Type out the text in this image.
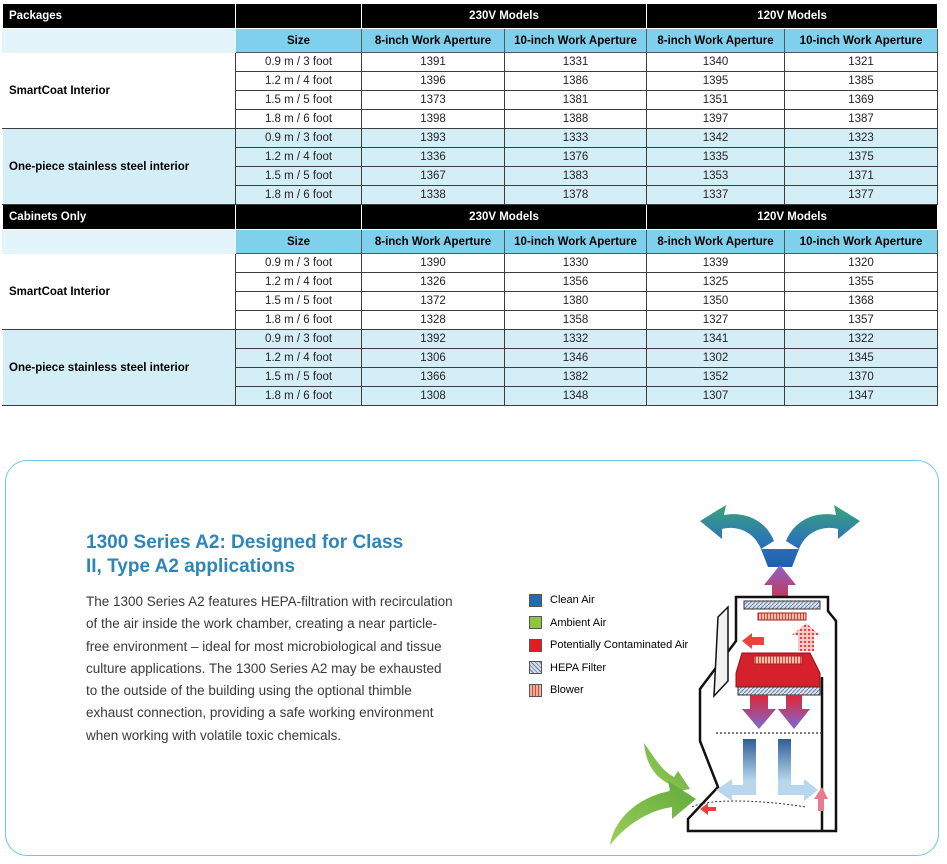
Packages		230V Models		120V Models	
	Size	8-inch Work Aperture	10-inch Work Aperture	8-inch Work Aperture	10-inch Work Aperture
SmartCoat Interior	0.9 m / 3 foot	1391	1331	1340	1321
	1.2 m / 4 foot	1396	1386	1395	1385
	1.5 m / 5 foot	1373	1381	1351	1369
	1.8 m / 6 foot	1398	1388	1397	1387
One-piece stainless steel interior	0.9 m / 3 foot	1393	1333	1342	1323
	1.2 m / 4 foot	1336	1376	1335	1375
	1.5 m / 5 foot	1367	1383	1353	1371
	1.8 m / 6 foot	1338	1378	1337	1377
Cabinets Only		230V Models		120V Models	
	Size	8-inch Work Aperture	10-inch Work Aperture	8-inch Work Aperture	10-inch Work Aperture
SmartCoat Interior	0.9 m / 3 foot	1390	1330	1339	1320
	1.2 m / 4 foot	1326	1356	1325	1355
	1.5 m / 5 foot	1372	1380	1350	1368
	1.8 m / 6 foot	1328	1358	1327	1357
One-piece stainless steel interior	0.9 m / 3 foot	1392	1332	1341	1322
	1.2 m / 4 foot	1306	1346	1302	1345
	1.5 m / 5 foot	1366	1382	1352	1370
	1.8 m / 6 foot	1308	1348	1307	1347
1300 Series A2: Designed for Class II, Type A2 applications
The 1300 Series A2 features HEPA-filtration with recirculation of the air inside the work chamber, creating a near particle-free environment – ideal for most microbiological and tissue culture applications. The 1300 Series A2 may be exhausted to the outside of the building using the optional thimble exhaust connection, providing a safe working environment when working with volatile toxic chemicals.
Clean Air
Ambient Air
Potentially Contaminated Air
HEPA Filter
Blower
